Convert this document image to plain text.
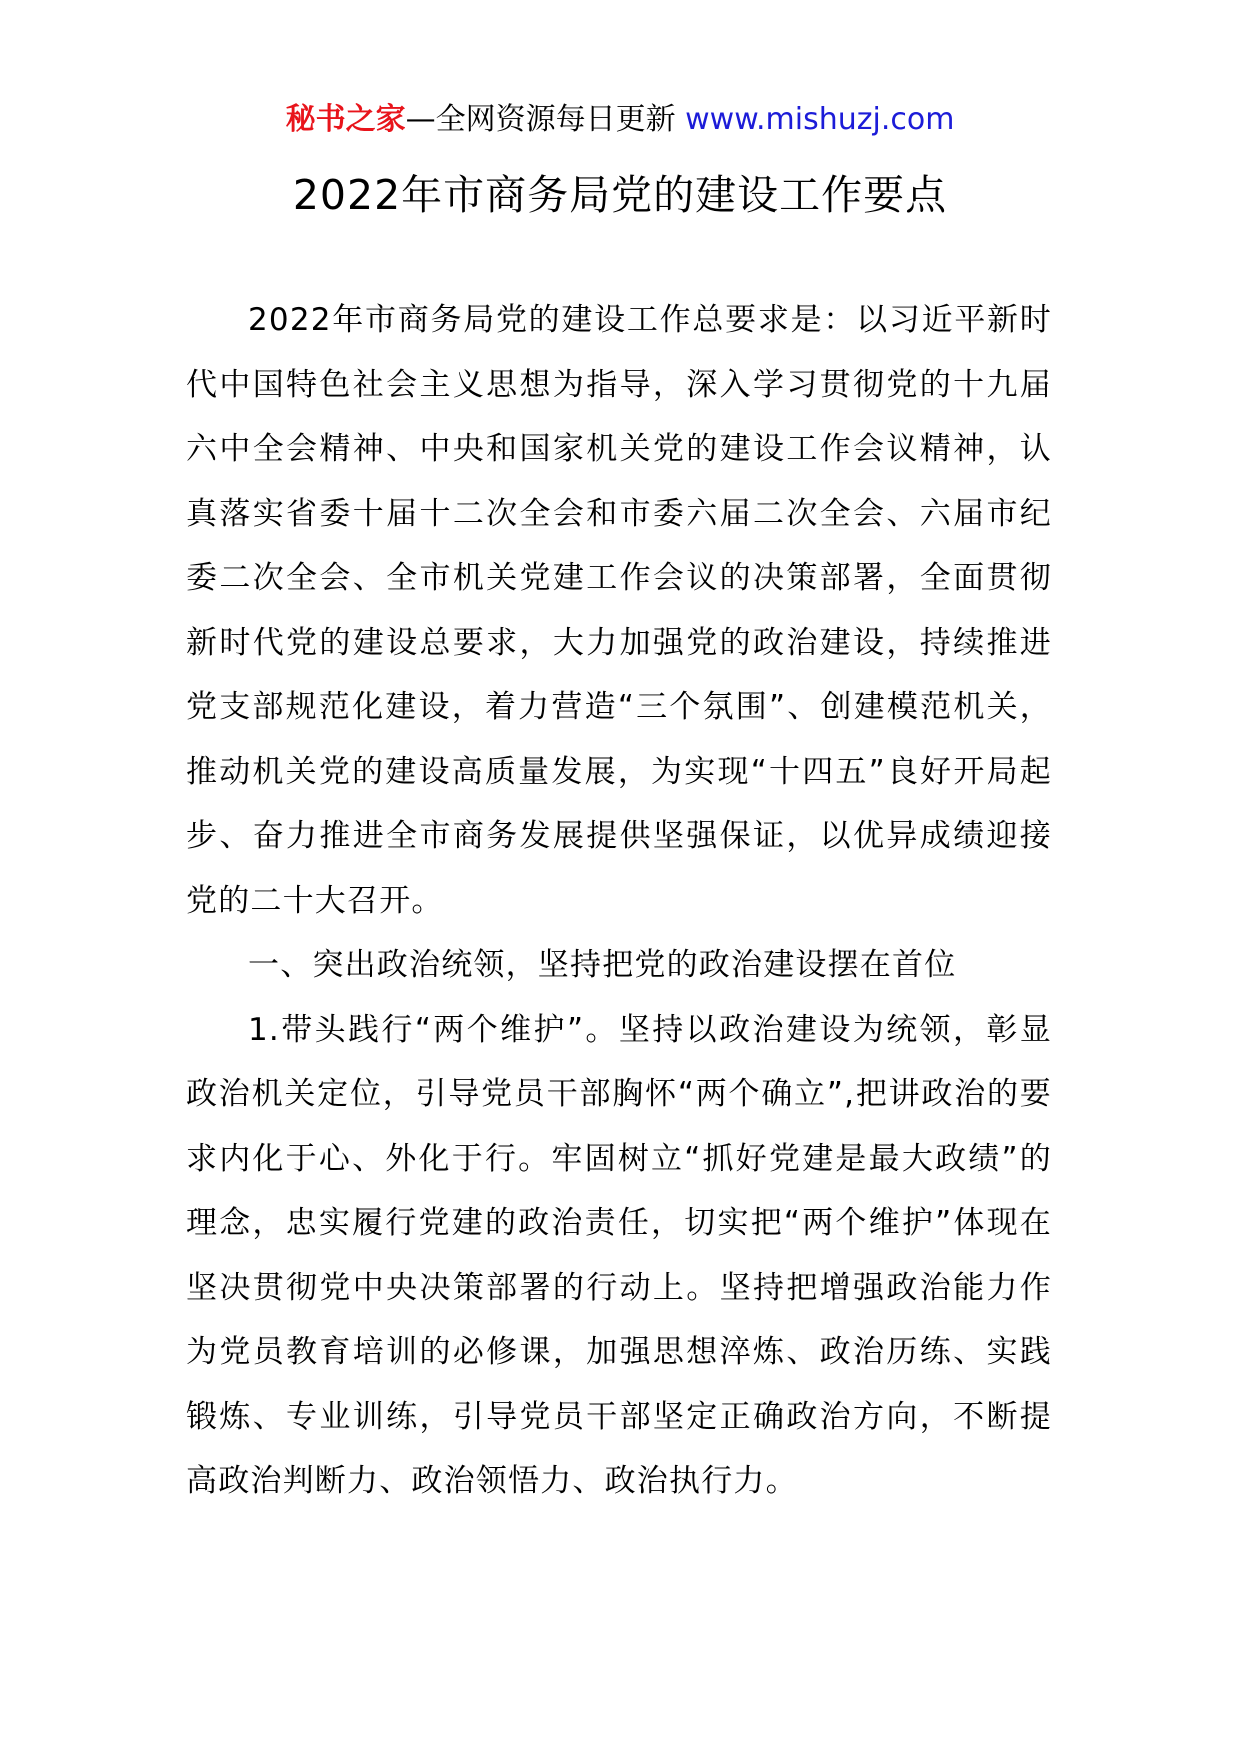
秘书之家—全网资源每日更新 www.mishuzj.com
2022年市商务局党的建设工作要点

2022年市商务局党的建设工作总要求是：以习近平新时代中国特色社会主义思想为指导，深入学习贯彻党的十九届六中全会精神、中央和国家机关党的建设工作会议精神，认真落实省委十届十二次全会和市委六届二次全会、六届市纪委二次全会、全市机关党建工作会议的决策部署，全面贯彻新时代党的建设总要求，大力加强党的政治建设，持续推进党支部规范化建设，着力营造“三个氛围”、创建模范机关，推动机关党的建设高质量发展，为实现“十四五”良好开局起步、奋力推进全市商务发展提供坚强保证，以优异成绩迎接党的二十大召开。

一、突出政治统领，坚持把党的政治建设摆在首位

1.带头践行“两个维护”。坚持以政治建设为统领，彰显政治机关定位，引导党员干部胸怀“两个确立”,把讲政治的要求内化于心、外化于行。牢固树立“抓好党建是最大政绩”的理念，忠实履行党建的政治责任，切实把“两个维护”体现在坚决贯彻党中央决策部署的行动上。坚持把增强政治能力作为党员教育培训的必修课，加强思想淬炼、政治历练、实践锻炼、专业训练，引导党员干部坚定正确政治方向，不断提高政治判断力、政治领悟力、政治执行力。
